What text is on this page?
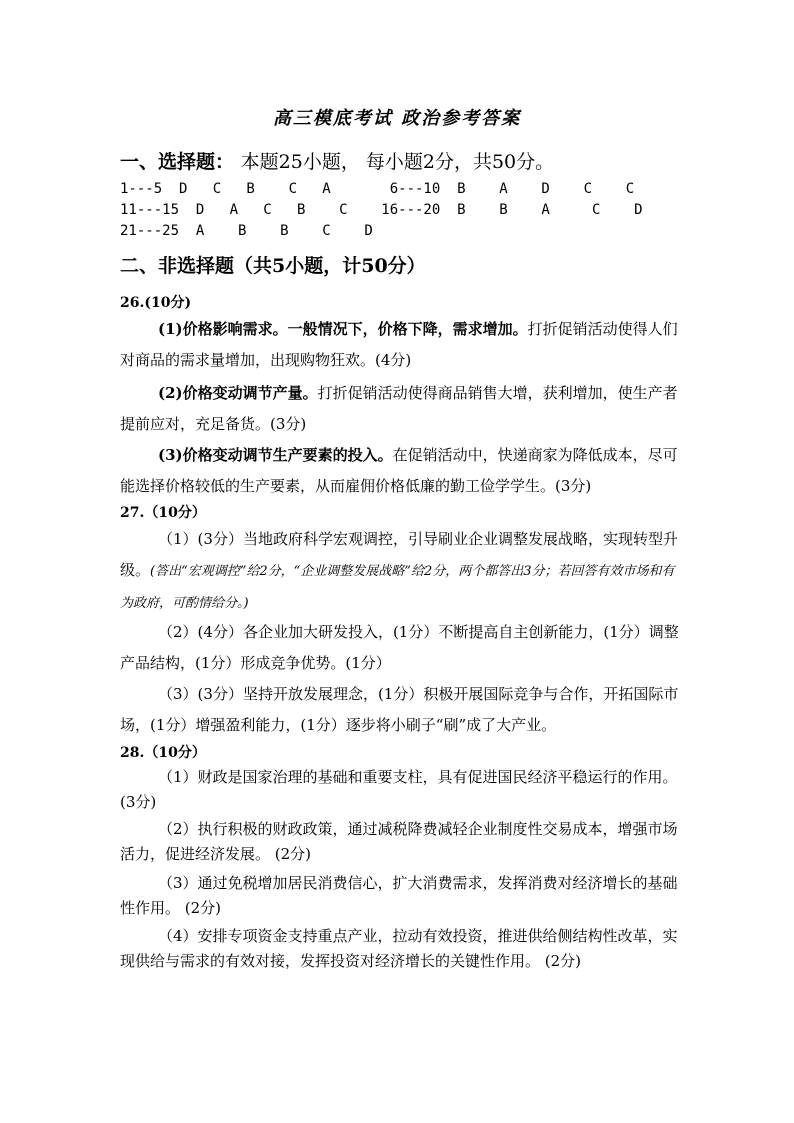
高三模底考试 政治参考答案
一、选择题： 本题25小题， 每小题2分，共50分。
1---5  D   C   B    C   A       6---10  B    A    D    C    C
11---15  D   A   C   B    C    16---20  B    B    A     C    D
21---25  A    B    B    C    D
二、非选择题（共5小题，计50分）
26.(10分)
(1)价格影响需求。一般情况下，价格下降，需求增加。打折促销活动使得人们对商品的需求量增加，出现购物狂欢。(4分)
(2)价格变动调节产量。打折促销活动使得商品销售大增，获利增加，使生产者提前应对，充足备货。(3分)
(3)价格变动调节生产要素的投入。在促销活动中，快递商家为降低成本，尽可能选择价格较低的生产要素，从而雇佣价格低廉的勤工俭学学生。(3分)
27.（10分）
（1）(3分）当地政府科学宏观调控，引导刷业企业调整发展战略，实现转型升级。(答出“宏观调控”给2分，“企业调整发展战略”给2分，两个都答出3分；若回答有效市场和有为政府，可酌情给分。)
（2）(4分）各企业加大研发投入，(1分）不断提高自主创新能力，(1分）调整产品结构，(1分）形成竞争优势。(1分）
（3）(3分）坚持开放发展理念，(1分）积极开展国际竞争与合作，开拓国际市场，(1分）增强盈利能力，(1分）逐步将小刷子“刷”成了大产业。
28.（10分）
（1）财政是国家治理的基础和重要支柱，具有促进国民经济平稳运行的作用。(3分)
（2）执行积极的财政政策，通过减税降费减轻企业制度性交易成本，增强市场活力，促进经济发展。 (2分)
（3）通过免税增加居民消费信心，扩大消费需求，发挥消费对经济增长的基础性作用。 (2分)
（4）安排专项资金支持重点产业，拉动有效投资，推进供给侧结构性改革，实现供给与需求的有效对接，发挥投资对经济增长的关键性作用。 (2分)
